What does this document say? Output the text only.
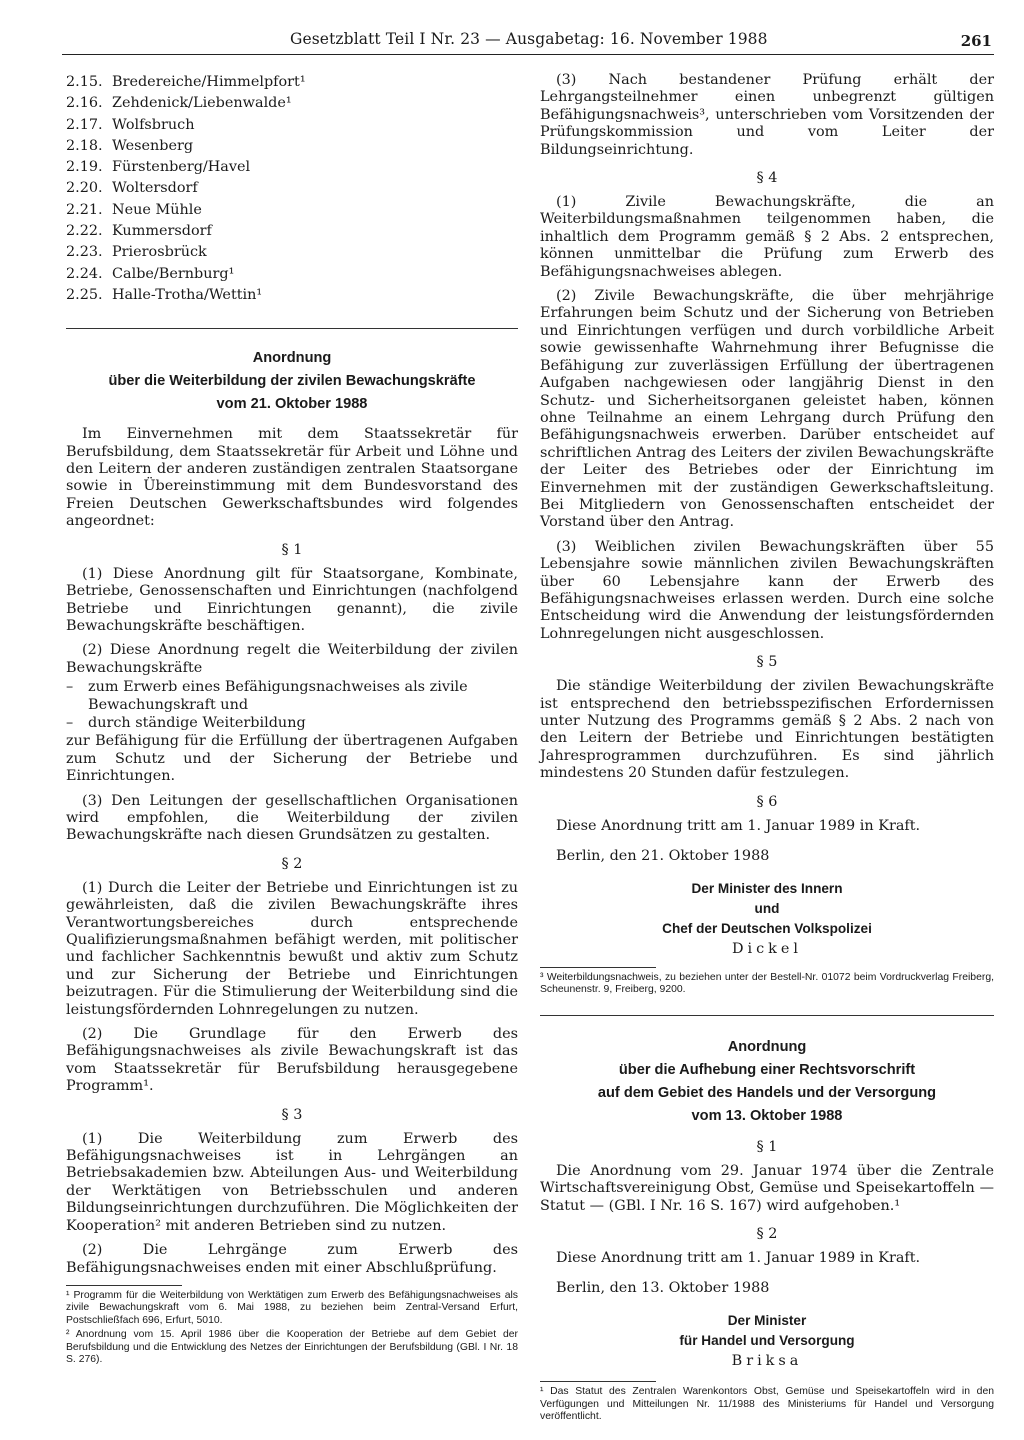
Gesetzblatt Teil I Nr. 23 — Ausgabetag: 16. November 1988	261
2.15. Bredereiche/Himmelpfort¹
2.16. Zehdenick/Liebenwalde¹
2.17. Wolfsbruch
2.18. Wesenberg
2.19. Fürstenberg/Havel
2.20. Woltersdorf
2.21. Neue Mühle
2.22. Kummersdorf
2.23. Prierosbrück
2.24. Calbe/Bernburg¹
2.25. Halle-Trotha/Wettin¹
Anordnung
über die Weiterbildung der zivilen Bewachungskräfte
vom 21. Oktober 1988

Im Einvernehmen mit dem Staatssekretär für Berufsbildung, dem Staatssekretär für Arbeit und Löhne und den Leitern der anderen zuständigen zentralen Staatsorgane sowie in Übereinstimmung mit dem Bundesvorstand des Freien Deutschen Gewerkschaftsbundes wird folgendes angeordnet:

§ 1

(1) Diese Anordnung gilt für Staatsorgane, Kombinate, Betriebe, Genossenschaften und Einrichtungen (nachfolgend Betriebe und Einrichtungen genannt), die zivile Bewachungskräfte beschäftigen.

(2) Diese Anordnung regelt die Weiterbildung der zivilen Bewachungskräfte

–	zum Erwerb eines Befähigungsnachweises als zivile Bewachungskraft und
–	durch ständige Weiterbildung

zur Befähigung für die Erfüllung der übertragenen Aufgaben zum Schutz und der Sicherung der Betriebe und Einrichtungen.

(3) Den Leitungen der gesellschaftlichen Organisationen wird empfohlen, die Weiterbildung der zivilen Bewachungskräfte nach diesen Grundsätzen zu gestalten.

§ 2

(1) Durch die Leiter der Betriebe und Einrichtungen ist zu gewährleisten, daß die zivilen Bewachungskräfte ihres Verantwortungsbereiches durch entsprechende Qualifizierungsmaßnahmen befähigt werden, mit politischer und fachlicher Sachkenntnis bewußt und aktiv zum Schutz und zur Sicherung der Betriebe und Einrichtungen beizutragen. Für die Stimulierung der Weiterbildung sind die leistungsfördernden Lohnregelungen zu nutzen.

(2) Die Grundlage für den Erwerb des Befähigungsnachweises als zivile Bewachungskraft ist das vom Staatssekretär für Berufsbildung herausgegebene Programm¹.

§ 3

(1) Die Weiterbildung zum Erwerb des Befähigungsnachweises ist in Lehrgängen an Betriebsakademien bzw. Abteilungen Aus- und Weiterbildung der Werktätigen von Betriebsschulen und anderen Bildungseinrichtungen durchzuführen. Die Möglichkeiten der Kooperation² mit anderen Betrieben sind zu nutzen.

(2) Die Lehrgänge zum Erwerb des Befähigungsnachweises enden mit einer Abschlußprüfung.

¹ Programm für die Weiterbildung von Werktätigen zum Erwerb des Befähigungsnachweises als zivile Bewachungskraft vom 6. Mai 1988, zu beziehen beim Zentral-Versand Erfurt, Postschließfach 696, Erfurt, 5010.

² Anordnung vom 15. April 1986 über die Kooperation der Betriebe auf dem Gebiet der Berufsbildung und die Entwicklung des Netzes der Einrichtungen der Berufsbildung (GBl. I Nr. 18 S. 276).

(3) Nach bestandener Prüfung erhält der Lehrgangsteilnehmer einen unbegrenzt gültigen Befähigungsnachweis³, unterschrieben vom Vorsitzenden der Prüfungskommission und vom Leiter der Bildungseinrichtung.

§ 4

(1) Zivile Bewachungskräfte, die an Weiterbildungsmaßnahmen teilgenommen haben, die inhaltlich dem Programm gemäß § 2 Abs. 2 entsprechen, können unmittelbar die Prüfung zum Erwerb des Befähigungsnachweises ablegen.

(2) Zivile Bewachungskräfte, die über mehrjährige Erfahrungen beim Schutz und der Sicherung von Betrieben und Einrichtungen verfügen und durch vorbildliche Arbeit sowie gewissenhafte Wahrnehmung ihrer Befugnisse die Befähigung zur zuverlässigen Erfüllung der übertragenen Aufgaben nachgewiesen oder langjährig Dienst in den Schutz- und Sicherheitsorganen geleistet haben, können ohne Teilnahme an einem Lehrgang durch Prüfung den Befähigungsnachweis erwerben. Darüber entscheidet auf schriftlichen Antrag des Leiters der zivilen Bewachungskräfte der Leiter des Betriebes oder der Einrichtung im Einvernehmen mit der zuständigen Gewerkschaftsleitung. Bei Mitgliedern von Genossenschaften entscheidet der Vorstand über den Antrag.

(3) Weiblichen zivilen Bewachungskräften über 55 Lebensjahre sowie männlichen zivilen Bewachungskräften über 60 Lebensjahre kann der Erwerb des Befähigungsnachweises erlassen werden. Durch eine solche Entscheidung wird die Anwendung der leistungsfördernden Lohnregelungen nicht ausgeschlossen.

§ 5

Die ständige Weiterbildung der zivilen Bewachungskräfte ist entsprechend den betriebsspezifischen Erfordernissen unter Nutzung des Programms gemäß § 2 Abs. 2 nach von den Leitern der Betriebe und Einrichtungen bestätigten Jahresprogrammen durchzuführen. Es sind jährlich mindestens 20 Stunden dafür festzulegen.

§ 6

Diese Anordnung tritt am 1. Januar 1989 in Kraft.

Berlin, den 21. Oktober 1988
Der Minister des Innern
und
Chef der Deutschen Volkspolizei
Dickel

³ Weiterbildungsnachweis, zu beziehen unter der Bestell-Nr. 01072 beim Vordruckverlag Freiberg, Scheunenstr. 9, Freiberg, 9200.

Anordnung
über die Aufhebung einer Rechtsvorschrift
auf dem Gebiet des Handels und der Versorgung
vom 13. Oktober 1988
§ 1

Die Anordnung vom 29. Januar 1974 über die Zentrale Wirtschaftsvereinigung Obst, Gemüse und Speisekartoffeln — Statut — (GBl. I Nr. 16 S. 167) wird aufgehoben.¹

§ 2

Diese Anordnung tritt am 1. Januar 1989 in Kraft.

Berlin, den 13. Oktober 1988
Der Minister
für Handel und Versorgung
Briksa

¹ Das Statut des Zentralen Warenkontors Obst, Gemüse und Speisekartoffeln wird in den Verfügungen und Mitteilungen Nr. 11/1988 des Ministeriums für Handel und Versorgung veröffentlicht.
